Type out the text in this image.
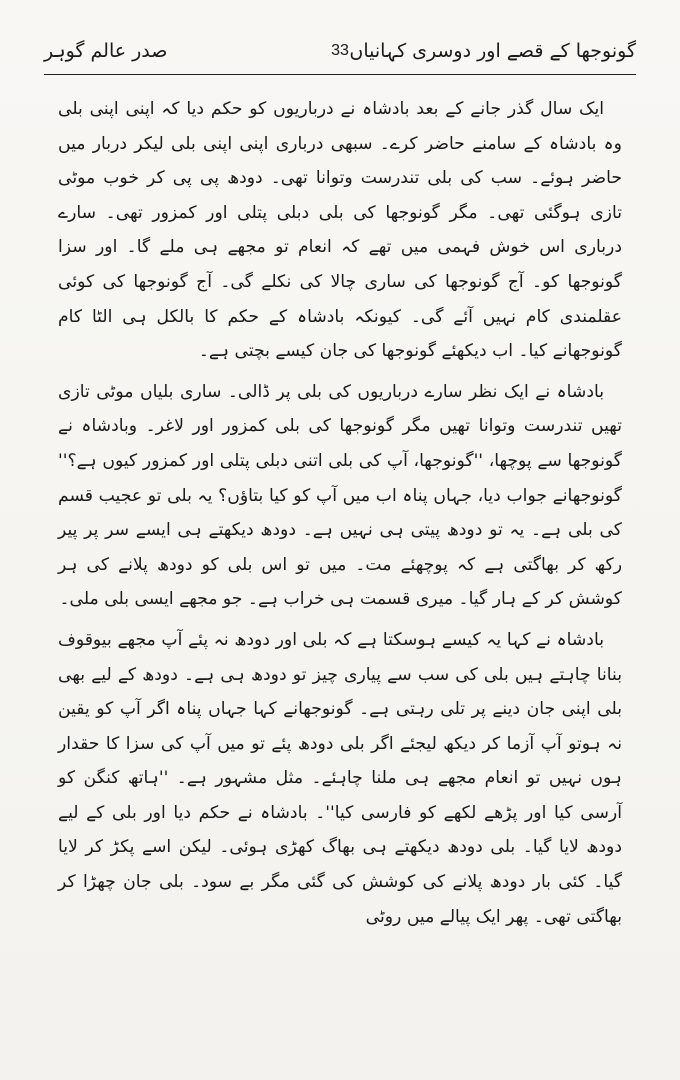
گونوجھا کے قصے اور دوسری کہانیاں
33
صدر عالم گوہر

ایک سال گذر جانے کے بعد بادشاہ نے درباریوں کو حکم دیا کہ اپنی اپنی بلی وہ بادشاہ کے سامنے حاضر کرے۔ سبھی درباری اپنی اپنی بلی لیکر دربار میں حاضر ہوئے۔ سب کی بلی تندرست وتوانا تھی۔ دودھ پی پی کر خوب موٹی تازی ہوگئی تھی۔ مگر گونوجھا کی بلی دبلی پتلی اور کمزور تھی۔ سارے درباری اس خوش فہمی میں تھے کہ انعام تو مجھے ہی ملے گا۔ اور سزا گونوجھا کو۔ آج گونوجھا کی ساری چالا کی نکلے گی۔ آج گونوجھا کی کوئی عقلمندی کام نہیں آئے گی۔ کیونکہ بادشاہ کے حکم کا بالکل ہی الٹا کام گونوجھانے کیا۔ اب دیکھئے گونوجھا کی جان کیسے بچتی ہے۔

بادشاہ نے ایک نظر سارے درباریوں کی بلی پر ڈالی۔ ساری بلیاں موٹی تازی تھیں تندرست وتوانا تھیں مگر گونوجھا کی بلی کمزور اور لاغر۔ وبادشاہ نے گونوجھا سے پوچھا، ''گونوجھا، آپ کی بلی اتنی دبلی پتلی اور کمزور کیوں ہے؟'' گونوجھانے جواب دیا، جہاں پناہ اب میں آپ کو کیا بتاؤں؟ یہ بلی تو عجیب قسم کی بلی ہے۔ یہ تو دودھ پیتی ہی نہیں ہے۔ دودھ دیکھتے ہی ایسے سر پر پیر رکھ کر بھاگتی ہے کہ پوچھئے مت۔ میں تو اس بلی کو دودھ پلانے کی ہر کوشش کر کے ہار گیا۔ میری قسمت ہی خراب ہے۔ جو مجھے ایسی بلی ملی۔

بادشاہ نے کہا یہ کیسے ہوسکتا ہے کہ بلی اور دودھ نہ پئے آپ مجھے بیوقوف بنانا چاہتے ہیں بلی کی سب سے پیاری چیز تو دودھ ہی ہے۔ دودھ کے لیے بھی بلی اپنی جان دینے پر تلی رہتی ہے۔ گونوجھانے کہا جہاں پناہ اگر آپ کو یقین نہ ہوتو آپ آزما کر دیکھ لیجئے اگر بلی دودھ پئے تو میں آپ کی سزا کا حقدار ہوں نہیں تو انعام مجھے ہی ملنا چاہئے۔ مثل مشہور ہے۔ ''ہاتھ کنگن کو آرسی کیا اور پڑھے لکھے کو فارسی کیا''۔ بادشاہ نے حکم دیا اور بلی کے لیے دودھ لایا گیا۔ بلی دودھ دیکھتے ہی بھاگ کھڑی ہوئی۔ لیکن اسے پکڑ کر لایا گیا۔ کئی بار دودھ پلانے کی کوشش کی گئی مگر بے سود۔ بلی جان چھڑا کر بھاگتی تھی۔ پھر ایک پیالے میں روٹی
